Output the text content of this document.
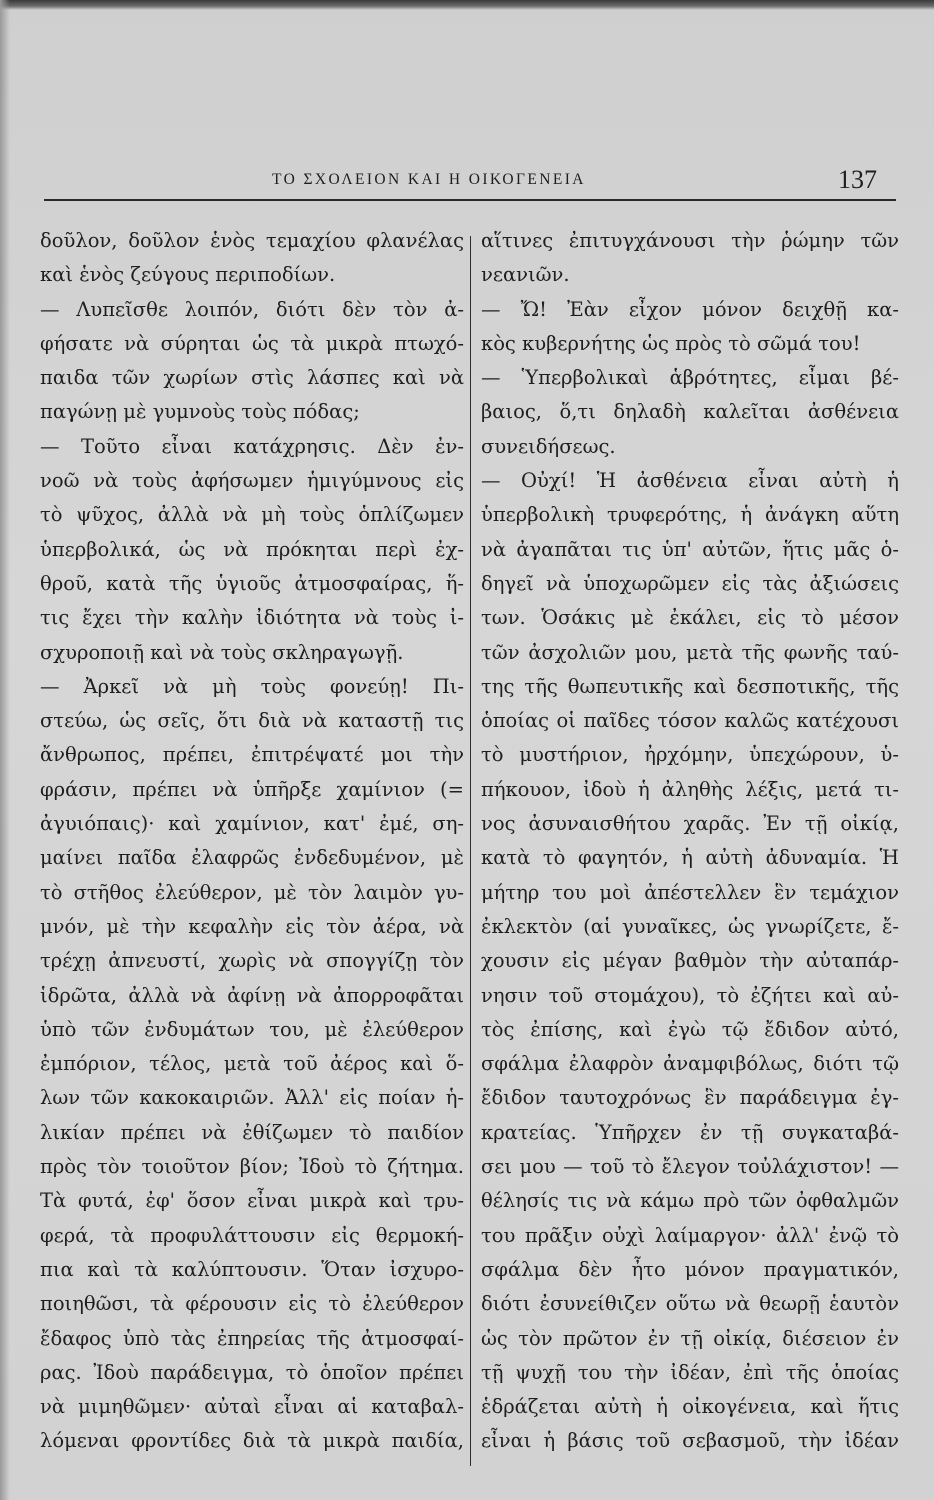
ΤΟ ΣΧΟΛΕΙΟΝ ΚΑΙ Η ΟΙΚΟΓΕΝΕΙΑ	137
δοῦλον, δοῦλον ἑνὸς τεμαχίου φλανέλας
καὶ ἑνὸς ζεύγους περιποδίων.
— Λυπεῖσθε λοιπόν, διότι δὲν τὸν ἀ-
φήσατε νὰ σύρηται ὡς τὰ μικρὰ πτωχό-
παιδα τῶν χωρίων στὶς λάσπες καὶ νὰ
παγώνῃ μὲ γυμνοὺς τοὺς πόδας;
— Τοῦτο εἶναι κατάχρησις. Δὲν ἐν-
νοῶ νὰ τοὺς ἀφήσωμεν ἡμιγύμνους εἰς
τὸ ψῦχος, ἀλλὰ νὰ μὴ τοὺς ὁπλίζωμεν
ὑπερβολικά, ὡς νὰ πρόκηται περὶ ἐχ-
θροῦ, κατὰ τῆς ὑγιοῦς ἀτμοσφαίρας, ἥ-
τις ἔχει τὴν καλὴν ἰδιότητα νὰ τοὺς ἰ-
σχυροποιῇ καὶ νὰ τοὺς σκληραγωγῇ.
— Ἀρκεῖ νὰ μὴ τοὺς φονεύῃ! Πι-
στεύω, ὡς σεῖς, ὅτι διὰ νὰ καταστῇ τις
ἄνθρωπος, πρέπει, ἐπιτρέψατέ μοι τὴν
φράσιν, πρέπει νὰ ὑπῆρξε χαμίνιον (=
ἀγυιόπαις)· καὶ χαμίνιον, κατ' ἐμέ, ση-
μαίνει παῖδα ἐλαφρῶς ἐνδεδυμένον, μὲ
τὸ στῆθος ἐλεύθερον, μὲ τὸν λαιμὸν γυ-
μνόν, μὲ τὴν κεφαλὴν εἰς τὸν ἀέρα, νὰ
τρέχῃ ἀπνευστί, χωρὶς νὰ σπογγίζῃ τὸν
ἱδρῶτα, ἀλλὰ νὰ ἀφίνῃ νὰ ἀπορροφᾶται
ὑπὸ τῶν ἐνδυμάτων του, μὲ ἐλεύθερον
ἐμπόριον, τέλος, μετὰ τοῦ ἀέρος καὶ ὅ-
λων τῶν κακοκαιριῶν. Ἀλλ' εἰς ποίαν ἡ-
λικίαν πρέπει νὰ ἐθίζωμεν τὸ παιδίον
πρὸς τὸν τοιοῦτον βίον; Ἰδοὺ τὸ ζήτημα.
Τὰ φυτά, ἐφ' ὅσον εἶναι μικρὰ καὶ τρυ-
φερά, τὰ προφυλάττουσιν εἰς θερμοκή-
πια καὶ τὰ καλύπτουσιν. Ὅταν ἰσχυρο-
ποιηθῶσι, τὰ φέρουσιν εἰς τὸ ἐλεύθερον
ἔδαφος ὑπὸ τὰς ἐπηρείας τῆς ἀτμοσφαί-
ρας. Ἰδοὺ παράδειγμα, τὸ ὁποῖον πρέπει
νὰ μιμηθῶμεν· αὐταὶ εἶναι αἱ καταβαλ-
λόμεναι φροντίδες διὰ τὰ μικρὰ παιδία,
αἵτινες ἐπιτυγχάνουσι τὴν ῥώμην τῶν
νεανιῶν.
— Ὤ! Ἐὰν εἶχον μόνον δειχθῇ κα-
κὸς κυβερνήτης ὡς πρὸς τὸ σῶμά του!
— Ὑπερβολικαὶ ἁβρότητες, εἶμαι βέ-
βαιος, ὅ,τι δηλαδὴ καλεῖται ἀσθένεια
συνειδήσεως.
— Οὐχί! Ἡ ἀσθένεια εἶναι αὐτὴ ἡ
ὑπερβολικὴ τρυφερότης, ἡ ἀνάγκη αὕτη
νὰ ἀγαπᾶται τις ὑπ' αὐτῶν, ἥτις μᾶς ὁ-
δηγεῖ νὰ ὑποχωρῶμεν εἰς τὰς ἀξιώσεις
των. Ὁσάκις μὲ ἐκάλει, εἰς τὸ μέσον
τῶν ἀσχολιῶν μου, μετὰ τῆς φωνῆς ταύ-
της τῆς θωπευτικῆς καὶ δεσποτικῆς, τῆς
ὁποίας οἱ παῖδες τόσον καλῶς κατέχουσι
τὸ μυστήριον, ἠρχόμην, ὑπεχώρουν, ὑ-
πήκουον, ἰδοὺ ἡ ἀληθὴς λέξις, μετά τι-
νος ἀσυναισθήτου χαρᾶς. Ἐν τῇ οἰκίᾳ,
κατὰ τὸ φαγητόν, ἡ αὐτὴ ἀδυναμία. Ἡ
μήτηρ του μοὶ ἀπέστελλεν ἓν τεμάχιον
ἐκλεκτὸν (αἱ γυναῖκες, ὡς γνωρίζετε, ἔ-
χουσιν εἰς μέγαν βαθμὸν τὴν αὐταπάρ-
νησιν τοῦ στομάχου), τὸ ἐζήτει καὶ αὐ-
τὸς ἐπίσης, καὶ ἐγὼ τῷ ἔδιδον αὐτό,
σφάλμα ἐλαφρὸν ἀναμφιβόλως, διότι τῷ
ἔδιδον ταυτοχρόνως ἓν παράδειγμα ἐγ-
κρατείας. Ὑπῆρχεν ἐν τῇ συγκαταβά-
σει μου — τοῦ τὸ ἔλεγον τοὐλάχιστον! —
θέλησίς τις νὰ κάμω πρὸ τῶν ὀφθαλμῶν
του πρᾶξιν οὐχὶ λαίμαργον· ἀλλ' ἐνῷ τὸ
σφάλμα δὲν ἦτο μόνον πραγματικόν,
διότι ἐσυνείθιζεν οὕτω νὰ θεωρῇ ἑαυτὸν
ὡς τὸν πρῶτον ἐν τῇ οἰκίᾳ, διέσειον ἐν
τῇ ψυχῇ του τὴν ἰδέαν, ἐπὶ τῆς ὁποίας
ἑδράζεται αὐτὴ ἡ οἰκογένεια, καὶ ἥτις
εἶναι ἡ βάσις τοῦ σεβασμοῦ, τὴν ἰδέαν
